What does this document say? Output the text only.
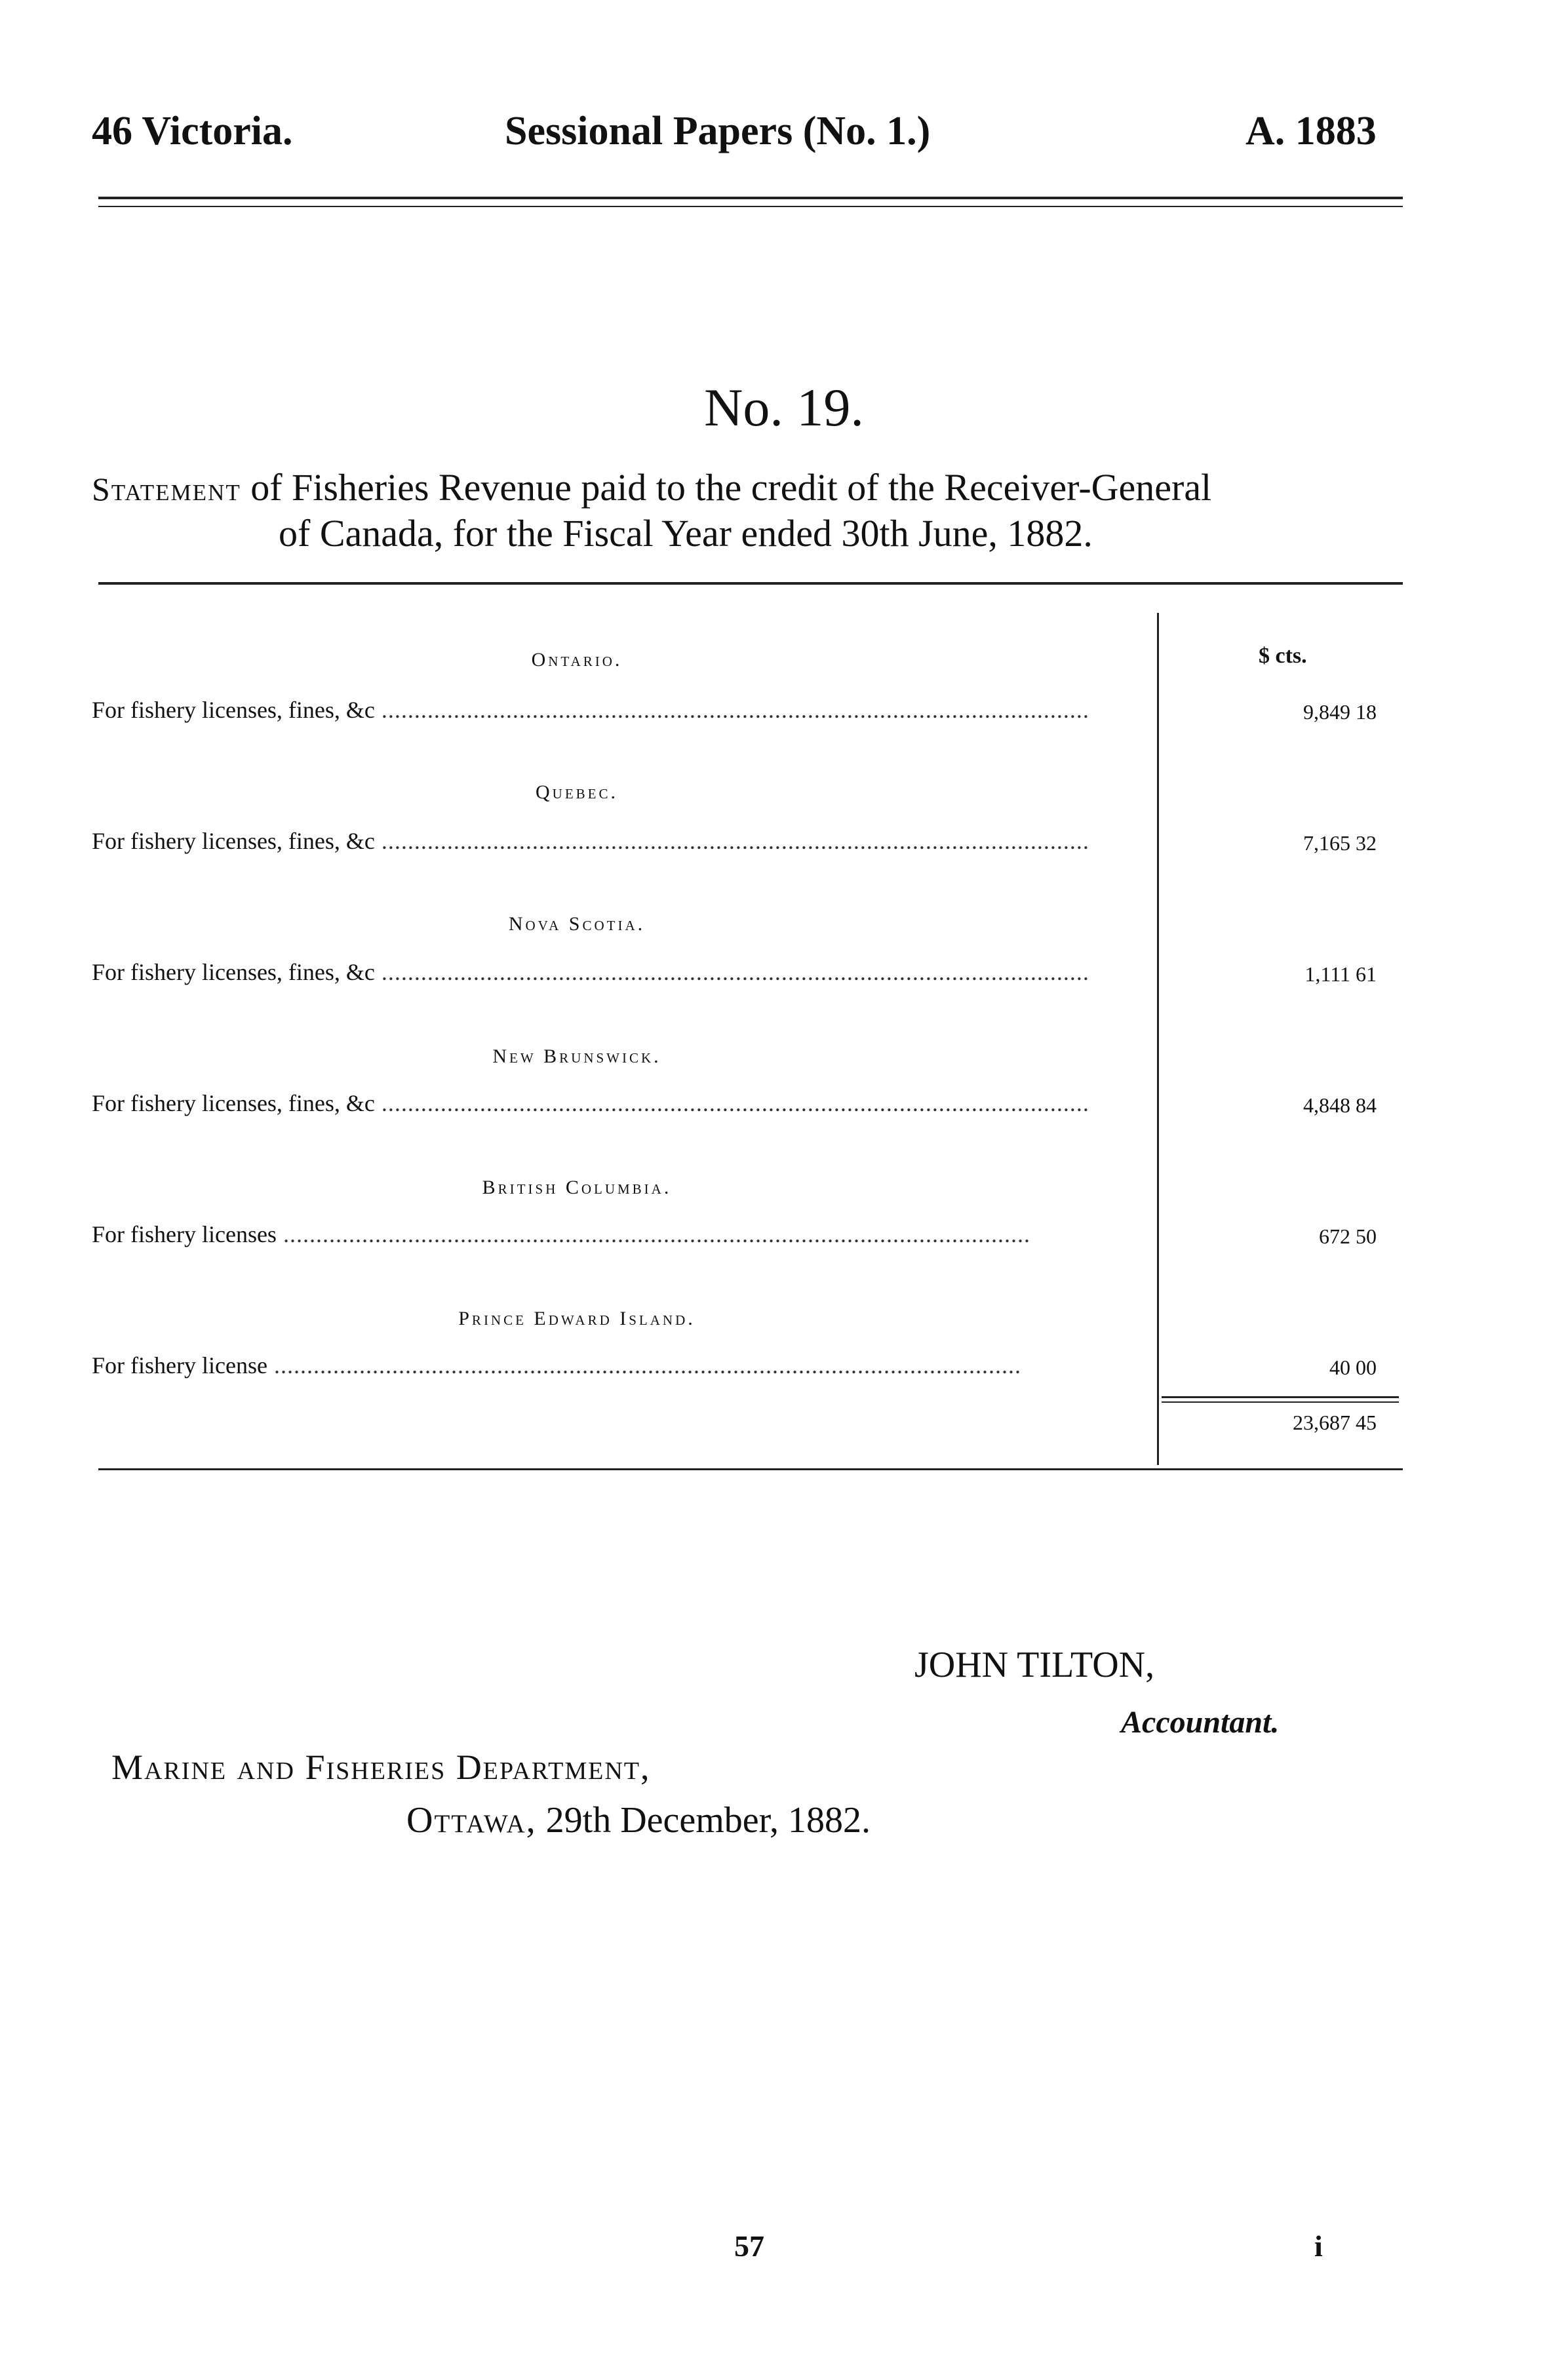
46 Victoria.	Sessional Papers (No. 1.)	A. 1883
No. 19.
Statement of Fisheries Revenue paid to the credit of the Receiver-General
of Canada, for the Fiscal Year ended 30th June, 1882.
$ cts.
Ontario.
For fishery licenses, fines, &c ............................................................................................................	9,849 18
Quebec.
For fishery licenses, fines, &c ............................................................................................................	7,165 32
Nova Scotia.
For fishery licenses, fines, &c ............................................................................................................	1,111 61
New Brunswick.
For fishery licenses, fines, &c ............................................................................................................	4,848 84
British Columbia.
For fishery licenses ..................................................................................................................	672 50
Prince Edward Island.
For fishery license ..................................................................................................................	40 00
23,687 45
JOHN TILTON,
Accountant.
Marine and Fisheries Department,
Ottawa, 29th December, 1882.
57	i
